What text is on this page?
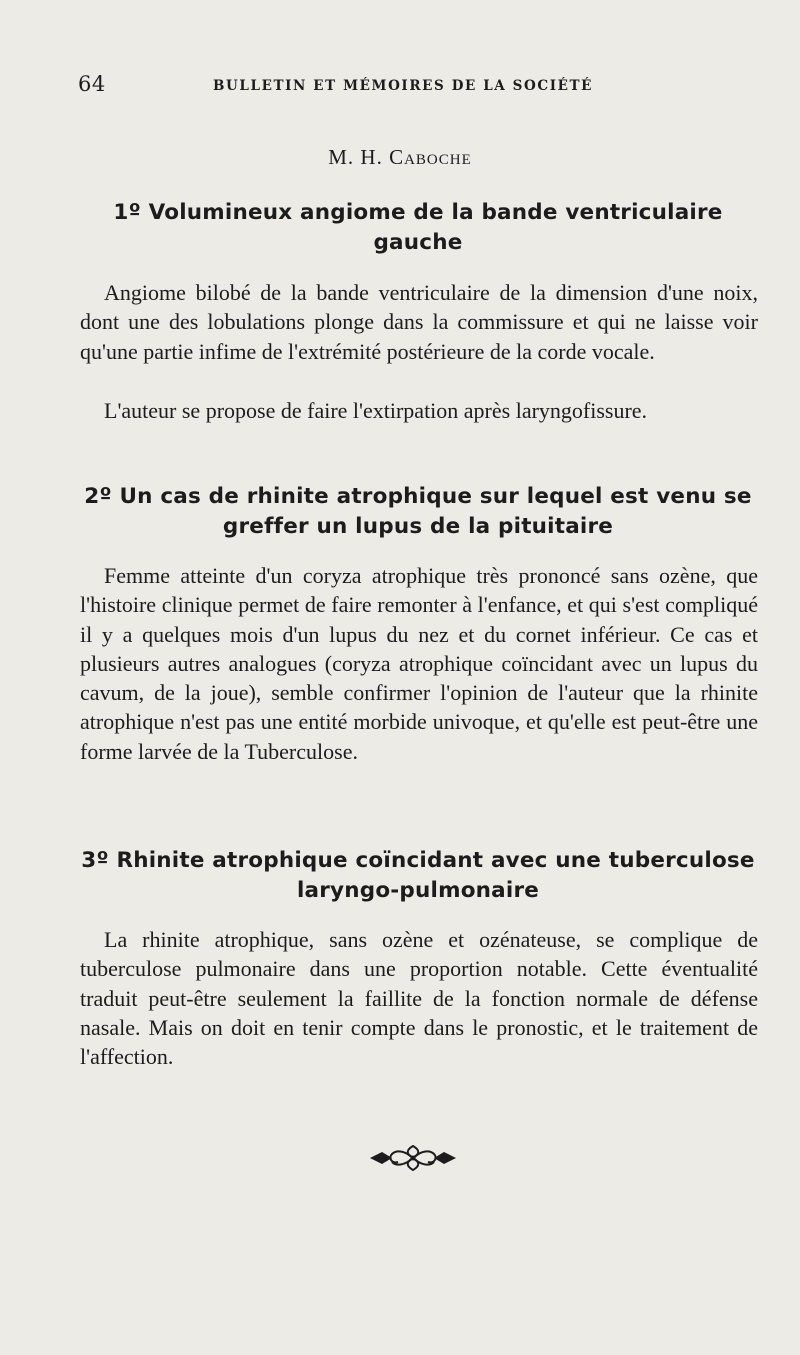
64	BULLETIN ET MÉMOIRES DE LA SOCIÉTÉ
M. H. Caboche
1º Volumineux angiome de la bande ventriculaire gauche

Angiome bilobé de la bande ventriculaire de la dimension d'une noix, dont une des lobulations plonge dans la commissure et qui ne laisse voir qu'une partie infime de l'extrémité postérieure de la corde vocale.

L'auteur se propose de faire l'extirpation après laryngofissure.

2º Un cas de rhinite atrophique sur lequel est venu se greffer un lupus de la pituitaire

Femme atteinte d'un coryza atrophique très prononcé sans ozène, que l'histoire clinique permet de faire remonter à l'enfance, et qui s'est compliqué il y a quelques mois d'un lupus du nez et du cornet inférieur. Ce cas et plusieurs autres analogues (coryza atrophique coïncidant avec un lupus du cavum, de la joue), semble confirmer l'opinion de l'auteur que la rhinite atrophique n'est pas une entité morbide univoque, et qu'elle est peut-être une forme larvée de la Tuberculose.

3º Rhinite atrophique coïncidant avec une tuberculose laryngo-pulmonaire

La rhinite atrophique, sans ozène et ozénateuse, se complique de tuberculose pulmonaire dans une proportion notable. Cette éventualité traduit peut-être seulement la faillite de la fonction normale de défense nasale. Mais on doit en tenir compte dans le pronostic, et le traitement de l'affection.
